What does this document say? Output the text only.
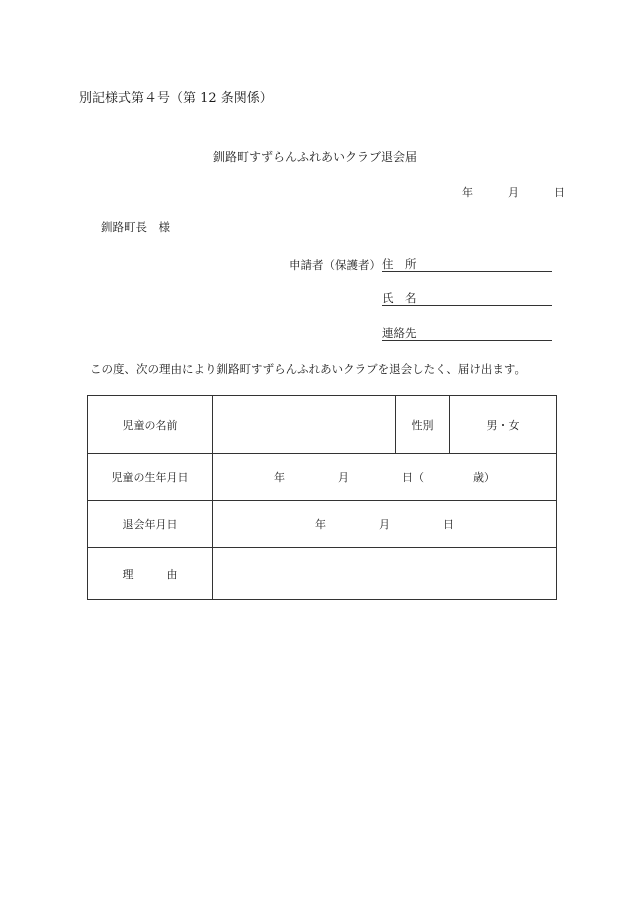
別記様式第４号（第 12 条関係）
釧路町すずらんふれあいクラブ退会届
年	月	日
釧路町長　様
申請者（保護者） 住　所
氏　名
連絡先
この度、次の理由により釧路町すずらんふれあいクラブを退会したく、届け出ます。
児童の名前		性別	男・女
児童の生年月日	年 月 日（ 歳）		
退会年月日	年 月 日		
理　　　由			
